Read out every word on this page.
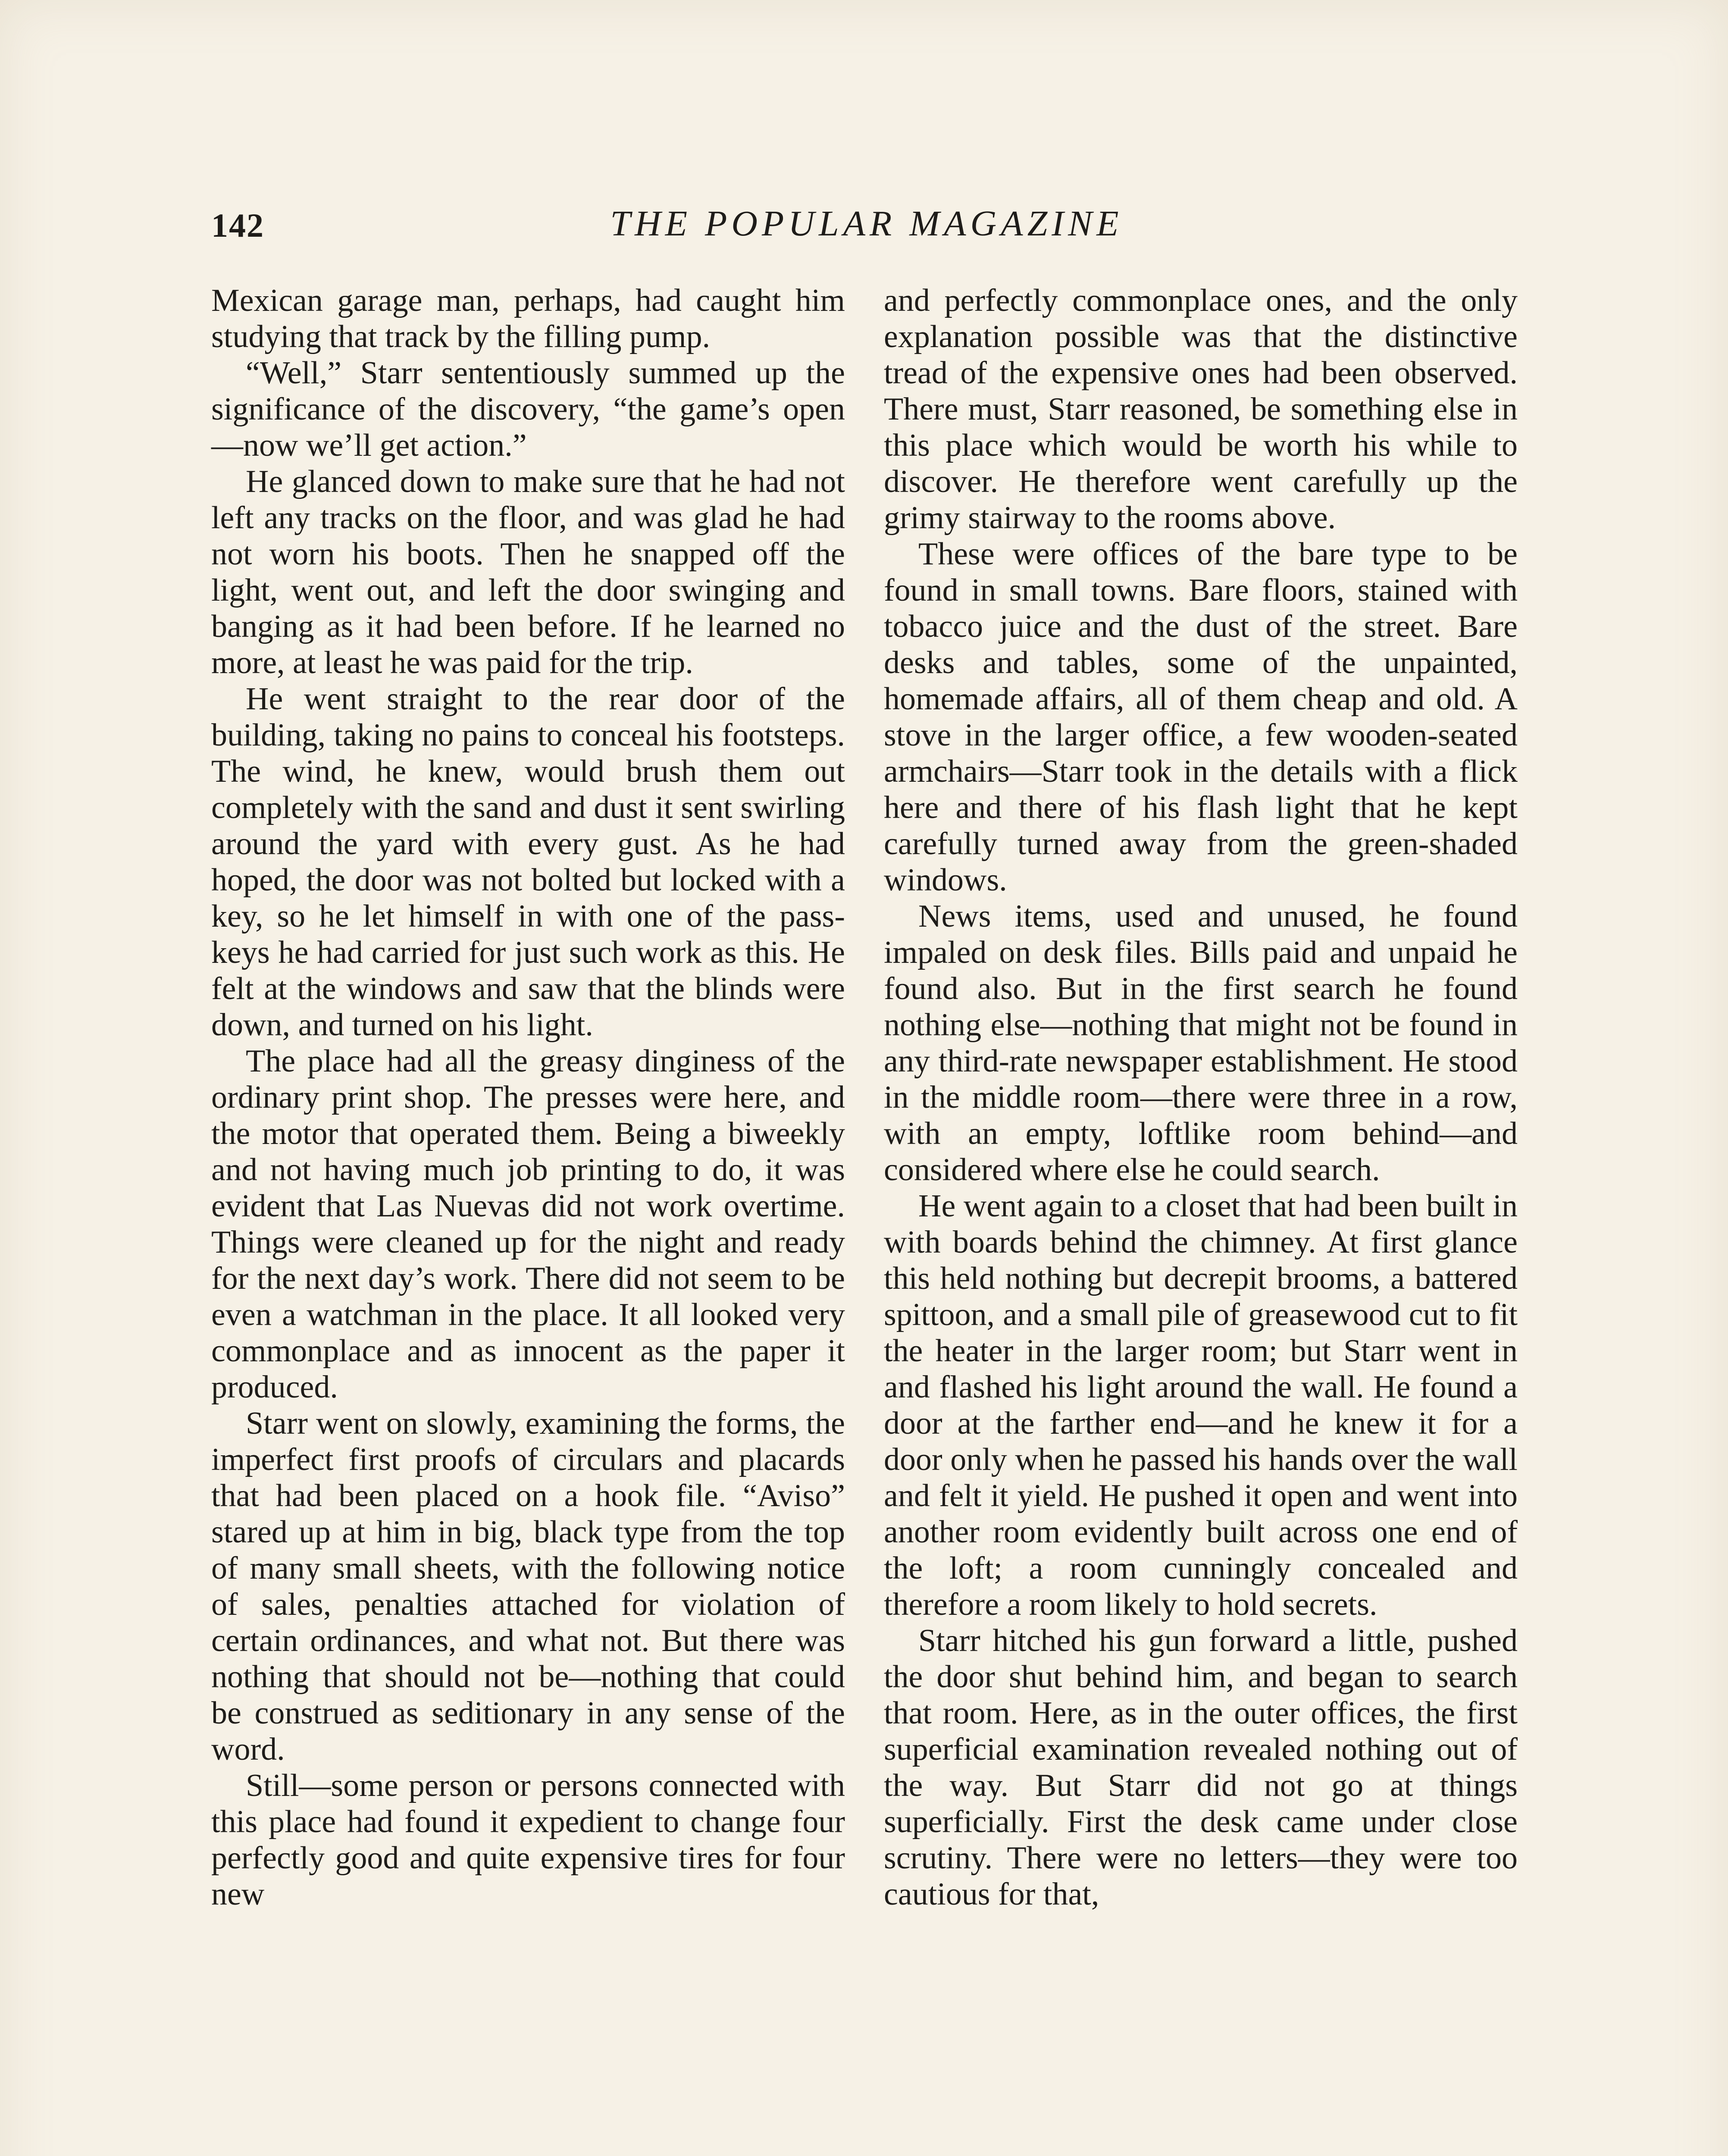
142	THE POPULAR MAGAZINE

Mexican garage man, perhaps, had caught him studying that track by the filling pump.

“Well,” Starr sententiously summed up the significance of the discovery, “the game’s open—now we’ll get action.”

He glanced down to make sure that he had not left any tracks on the floor, and was glad he had not worn his boots. Then he snapped off the light, went out, and left the door swinging and banging as it had been before. If he learned no more, at least he was paid for the trip.

He went straight to the rear door of the building, taking no pains to conceal his footsteps. The wind, he knew, would brush them out completely with the sand and dust it sent swirling around the yard with every gust. As he had hoped, the door was not bolted but locked with a key, so he let himself in with one of the pass-keys he had carried for just such work as this. He felt at the windows and saw that the blinds were down, and turned on his light.

The place had all the greasy dinginess of the ordinary print shop. The presses were here, and the motor that operated them. Being a biweekly and not having much job printing to do, it was evident that Las Nuevas did not work overtime. Things were cleaned up for the night and ready for the next day’s work. There did not seem to be even a watchman in the place. It all looked very commonplace and as innocent as the paper it produced.

Starr went on slowly, examining the forms, the imperfect first proofs of circulars and placards that had been placed on a hook file. “Aviso” stared up at him in big, black type from the top of many small sheets, with the following notice of sales, penalties attached for violation of certain ordinances, and what not. But there was nothing that should not be—nothing that could be construed as seditionary in any sense of the word.

Still—some person or persons connected with this place had found it expedient to change four perfectly good and quite expensive tires for four new

and perfectly commonplace ones, and the only explanation possible was that the distinctive tread of the expensive ones had been observed. There must, Starr reasoned, be something else in this place which would be worth his while to discover. He therefore went carefully up the grimy stairway to the rooms above.

These were offices of the bare type to be found in small towns. Bare floors, stained with tobacco juice and the dust of the street. Bare desks and tables, some of the unpainted, homemade affairs, all of them cheap and old. A stove in the larger office, a few wooden-seated armchairs—Starr took in the details with a flick here and there of his flash light that he kept carefully turned away from the green-shaded windows.

News items, used and unused, he found impaled on desk files. Bills paid and unpaid he found also. But in the first search he found nothing else—nothing that might not be found in any third-rate newspaper establishment. He stood in the middle room—there were three in a row, with an empty, loftlike room behind—and considered where else he could search.

He went again to a closet that had been built in with boards behind the chimney. At first glance this held nothing but decrepit brooms, a battered spittoon, and a small pile of greasewood cut to fit the heater in the larger room; but Starr went in and flashed his light around the wall. He found a door at the farther end—and he knew it for a door only when he passed his hands over the wall and felt it yield. He pushed it open and went into another room evidently built across one end of the loft; a room cunningly concealed and therefore a room likely to hold secrets.

Starr hitched his gun forward a little, pushed the door shut behind him, and began to search that room. Here, as in the outer offices, the first superficial examination revealed nothing out of the way. But Starr did not go at things superficially. First the desk came under close scrutiny. There were no letters—they were too cautious for that,
